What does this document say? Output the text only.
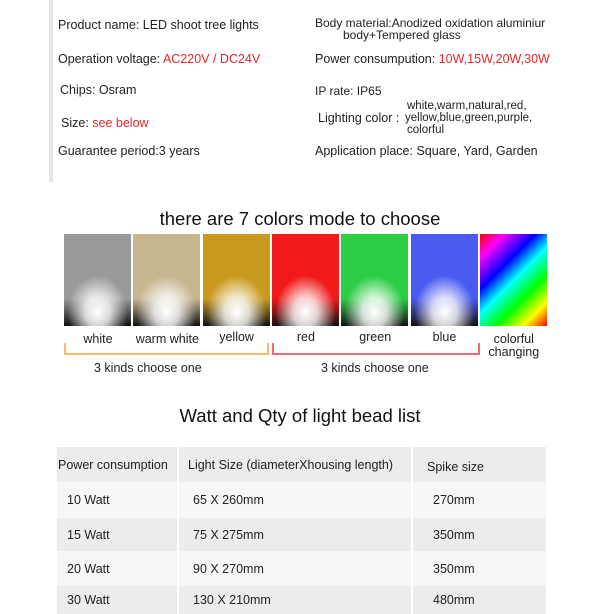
Product name: LED shoot tree lights
Operation voltage: AC220V / DC24V
Chips: Osram
Size: see below
Guarantee period:3 years
Body material:Anodized oxidation aluminiur
body+Tempered glass
Power consumpution: 10W,15W,20W,30W
IP rate: IP65
Lighting color :
white,warm,natural,red,
yellow,blue,green,purple,
colorful
Application place: Square, Yard, Garden
there are 7 colors mode to choose
white	warm white	yellow	red	green	blue	colorful
changing
3 kinds choose one	3 kinds choose one
Watt and Qty of light bead list
Power consumption	Light Size (diameterXhousing length)	Spike size
10 Watt	65 X 260mm	270mm
15 Watt	75 X 275mm	350mm
20 Watt	90 X 270mm	350mm
30 Watt	130 X 210mm	480mm
